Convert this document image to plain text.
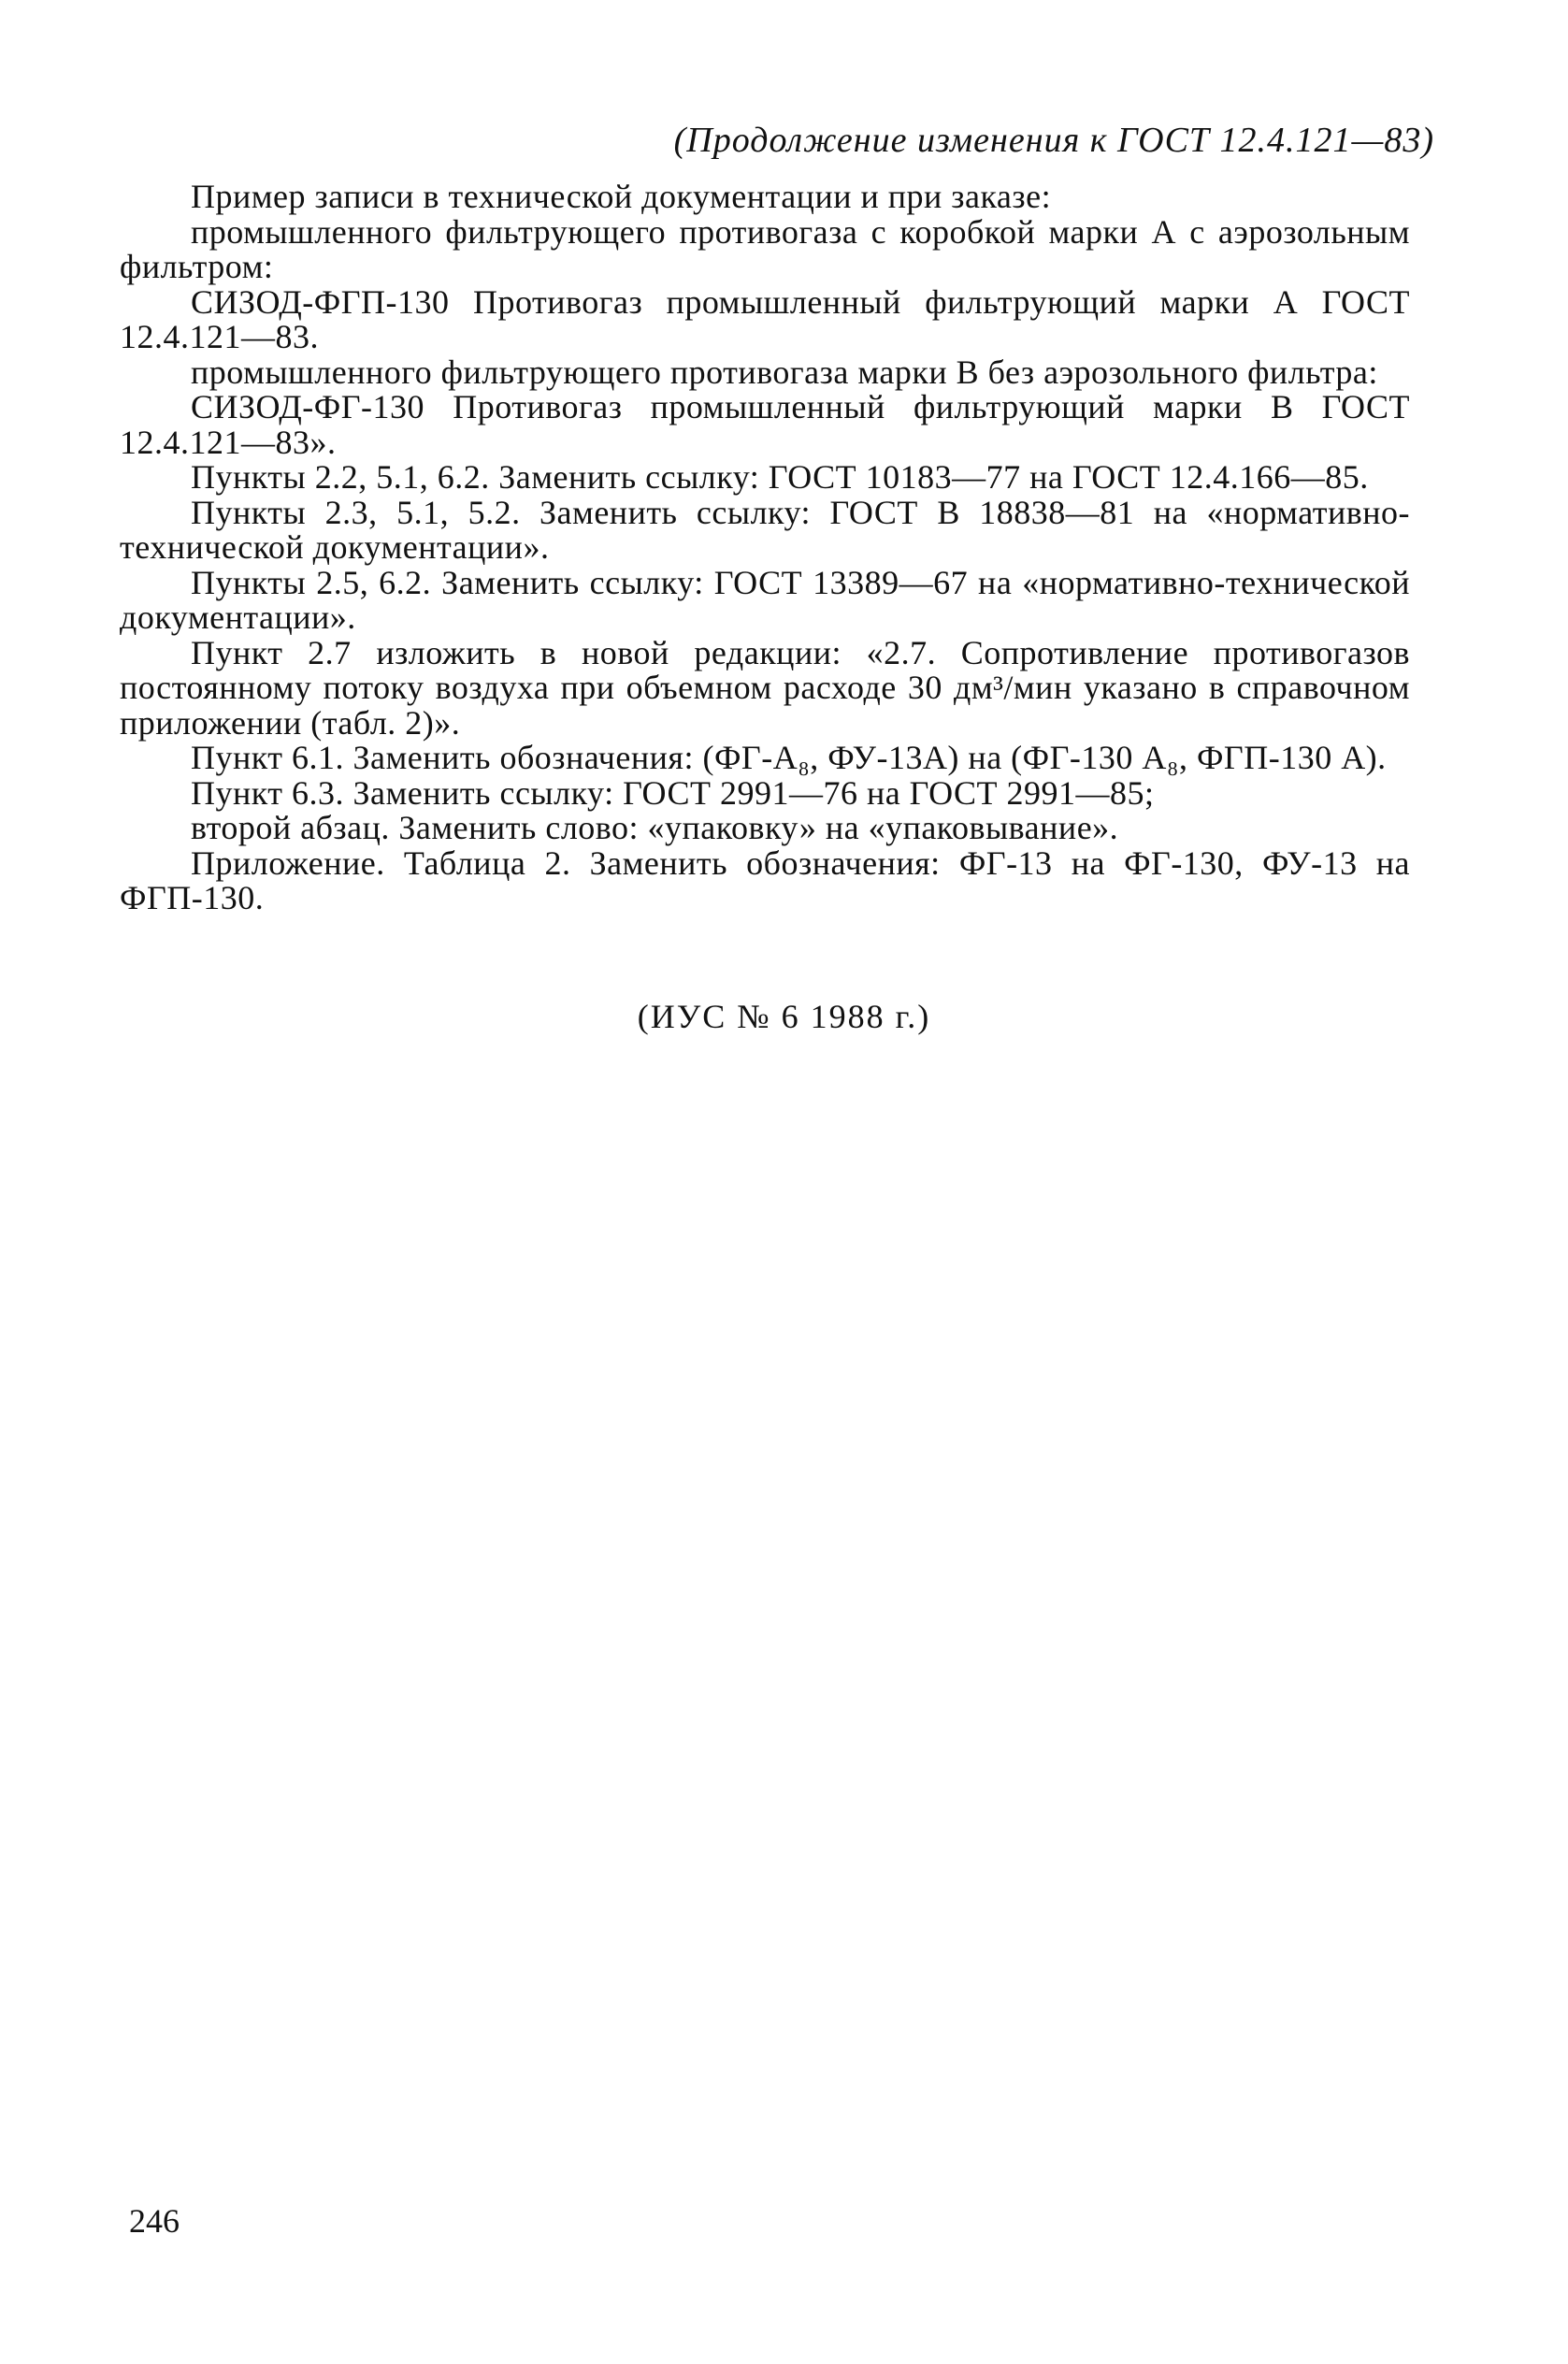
(Продолжение изменения к ГОСТ 12.4.121—83)

Пример записи в технической документации и при заказе:

промышленного фильтрующего противогаза с коробкой марки А с аэрозольным фильтром:

СИЗОД-ФГП-130 Противогаз промышленный фильтрующий марки А ГОСТ 12.4.121—83.

промышленного фильтрующего противогаза марки В без аэрозольного фильтра:

СИЗОД-ФГ-130 Противогаз промышленный фильтрующий марки В ГОСТ 12.4.121—83».

Пункты 2.2, 5.1, 6.2. Заменить ссылку: ГОСТ 10183—77 на ГОСТ 12.4.166—85.

Пункты 2.3, 5.1, 5.2. Заменить ссылку: ГОСТ В 18838—81 на «нормативно-технической документации».

Пункты 2.5, 6.2. Заменить ссылку: ГОСТ 13389—67 на «нормативно-технической документации».

Пункт 2.7 изложить в новой редакции: «2.7. Сопротивление противогазов постоянному потоку воздуха при объемном расходе 30 дм³/мин указано в справочном приложении (табл. 2)».

Пункт 6.1. Заменить обозначения: (ФГ-А₈, ФУ-13А) на (ФГ-130 А₈, ФГП-130 А).

Пункт 6.3. Заменить ссылку: ГОСТ 2991—76 на ГОСТ 2991—85;

второй абзац. Заменить слово: «упаковку» на «упаковывание».

Приложение. Таблица 2. Заменить обозначения: ФГ-13 на ФГ-130, ФУ-13 на ФГП-130.

(ИУС № 6 1988 г.)
246
